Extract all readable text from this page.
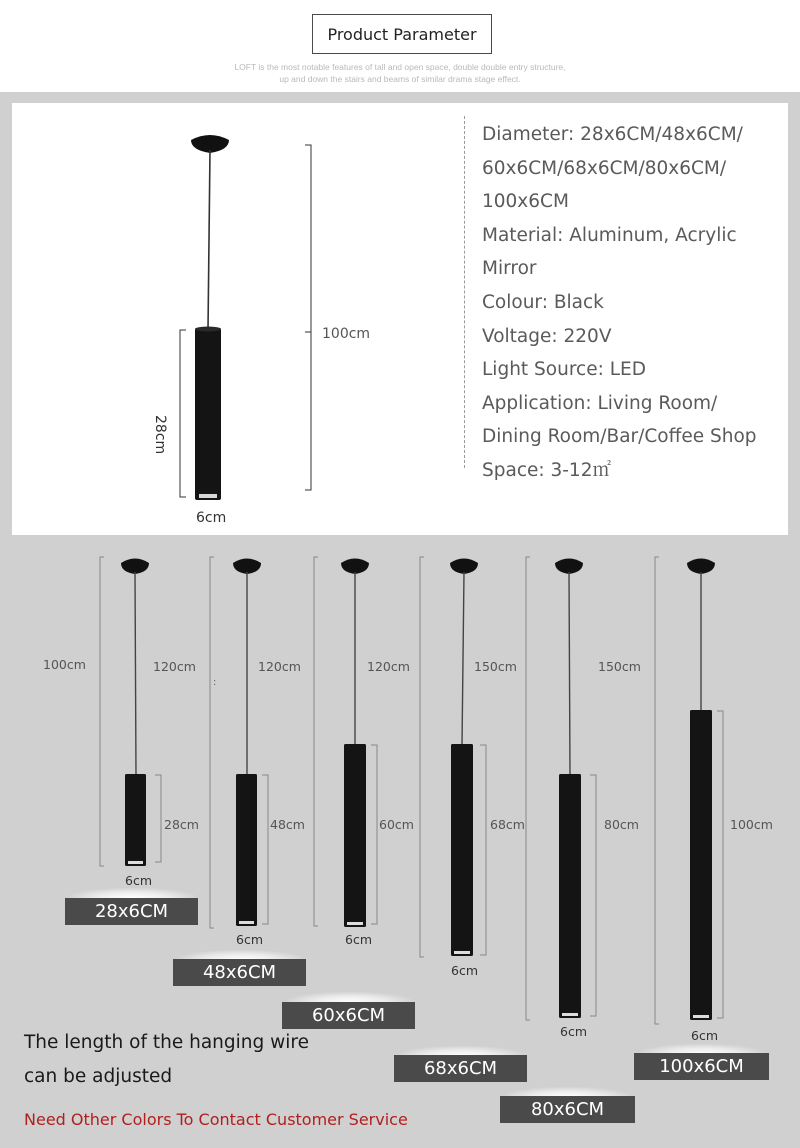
Product Parameter
LOFT is the most notable features of tall and open space, double double entry structure,
up and down the stairs and beams of similar drama stage effect.
100cm
28cm
6cm
Diameter: 28x6CM/48x6CM/
60x6CM/68x6CM/80x6CM/
100x6CM
Material: Aluminum, Acrylic
Mirror
Colour: Black
Voltage: 220V
Light Source: LED
Application: Living Room/
Dining Room/Bar/Coffee Shop
Space: 3-12㎡
:
100cm	120cm
28cm
6cm
120cm
48cm
6cm
120cm
60cm
6cm
150cm
68cm
6cm
150cm
80cm
6cm
100cm
6cm
28x6CM
48x6CM
60x6CM
68x6CM
80x6CM
100x6CM
The length of the hanging wire
can be adjusted
Need Other Colors To Contact Customer Service
